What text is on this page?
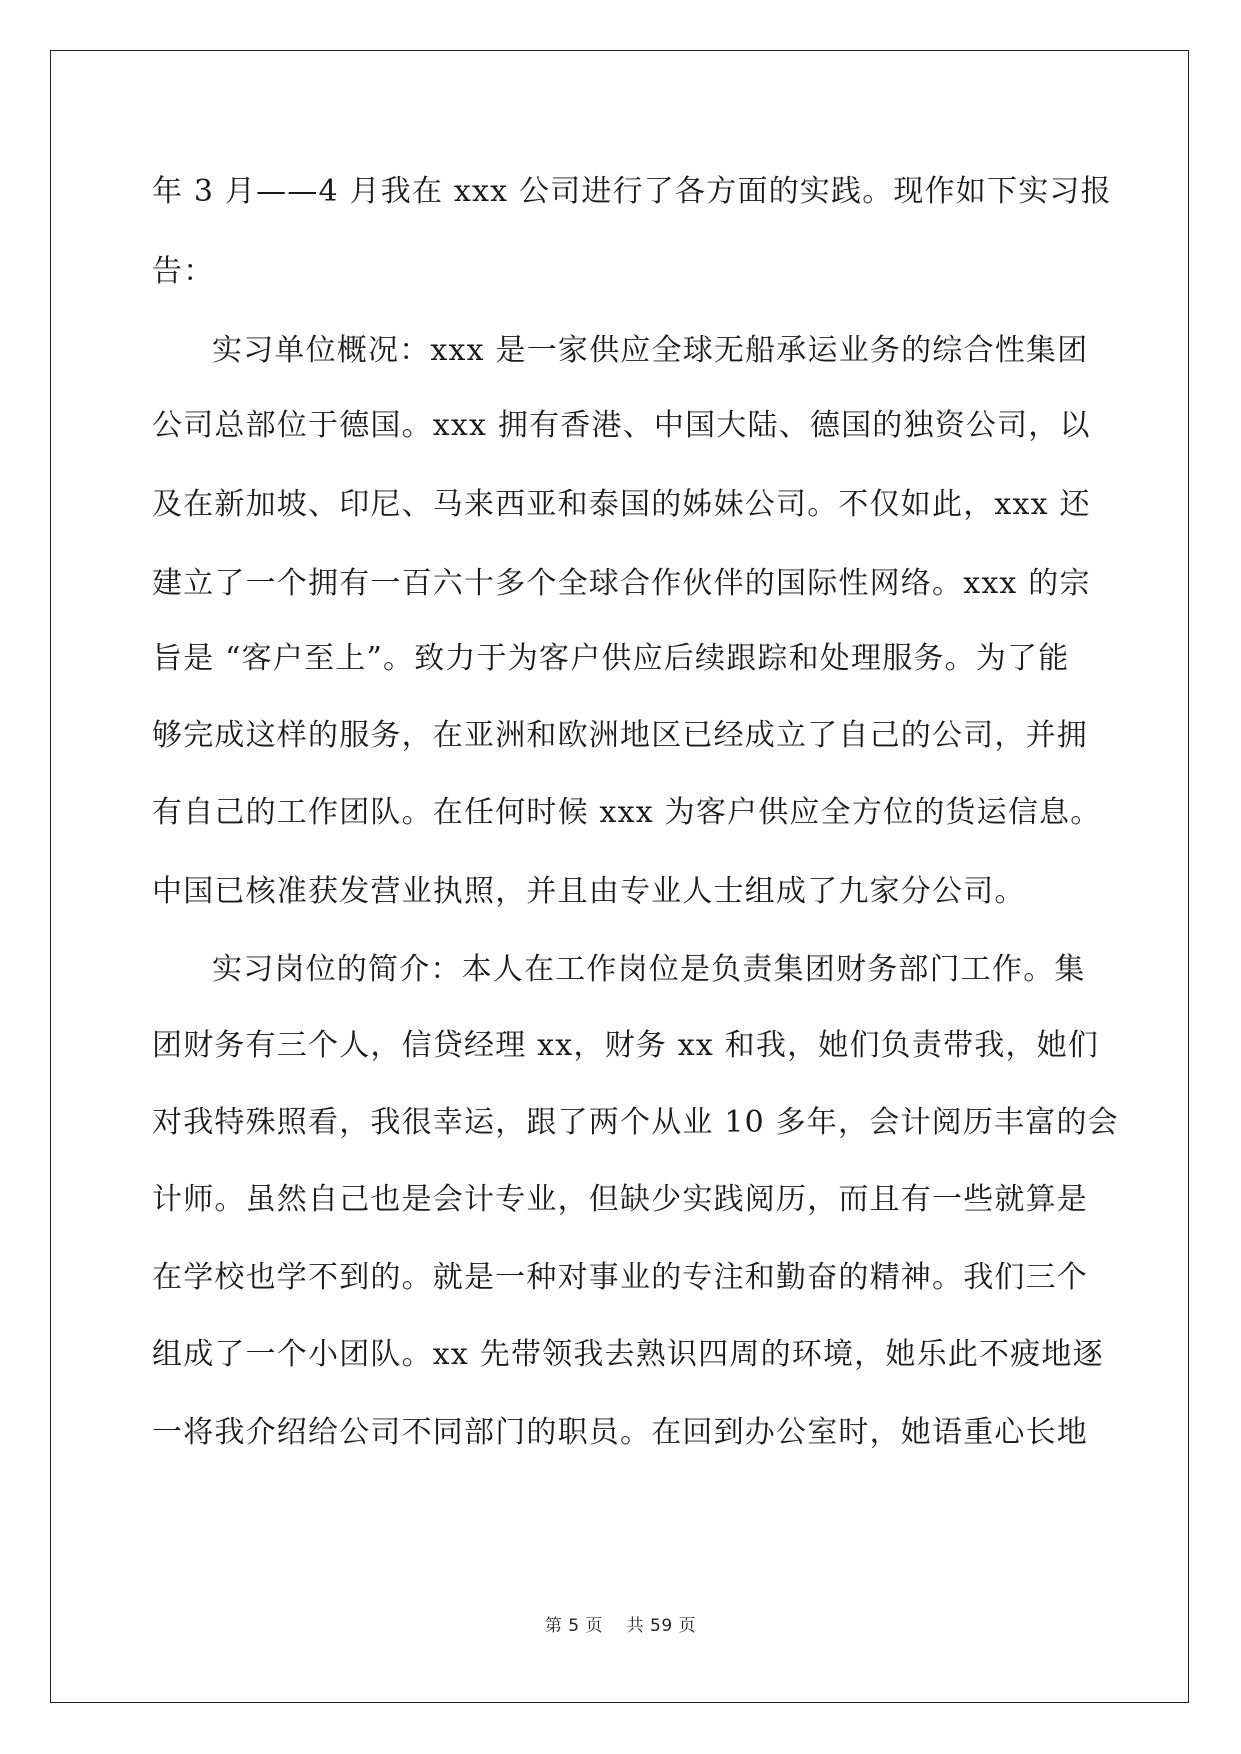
年 3 月——4 月我在 xxx 公司进行了各方面的实践。现作如下实习报
告：
实习单位概况：xxx 是一家供应全球无船承运业务的综合性集团
公司总部位于德国。xxx 拥有香港、中国大陆、德国的独资公司，以
及在新加坡、印尼、马来西亚和泰国的姊妹公司。不仅如此，xxx 还
建立了一个拥有一百六十多个全球合作伙伴的国际性网络。xxx 的宗
旨是 “客户至上”。致力于为客户供应后续跟踪和处理服务。为了能
够完成这样的服务，在亚洲和欧洲地区已经成立了自己的公司，并拥
有自己的工作团队。在任何时候 xxx 为客户供应全方位的货运信息。
中国已核准获发营业执照，并且由专业人士组成了九家分公司。
实习岗位的简介：本人在工作岗位是负责集团财务部门工作。集
团财务有三个人，信贷经理 xx，财务 xx 和我，她们负责带我，她们
对我特殊照看，我很幸运，跟了两个从业 10 多年，会计阅历丰富的会
计师。虽然自己也是会计专业，但缺少实践阅历，而且有一些就算是
在学校也学不到的。就是一种对事业的专注和勤奋的精神。我们三个
组成了一个小团队。xx 先带领我去熟识四周的环境，她乐此不疲地逐
一将我介绍给公司不同部门的职员。在回到办公室时，她语重心长地
第 5 页 共 59 页
